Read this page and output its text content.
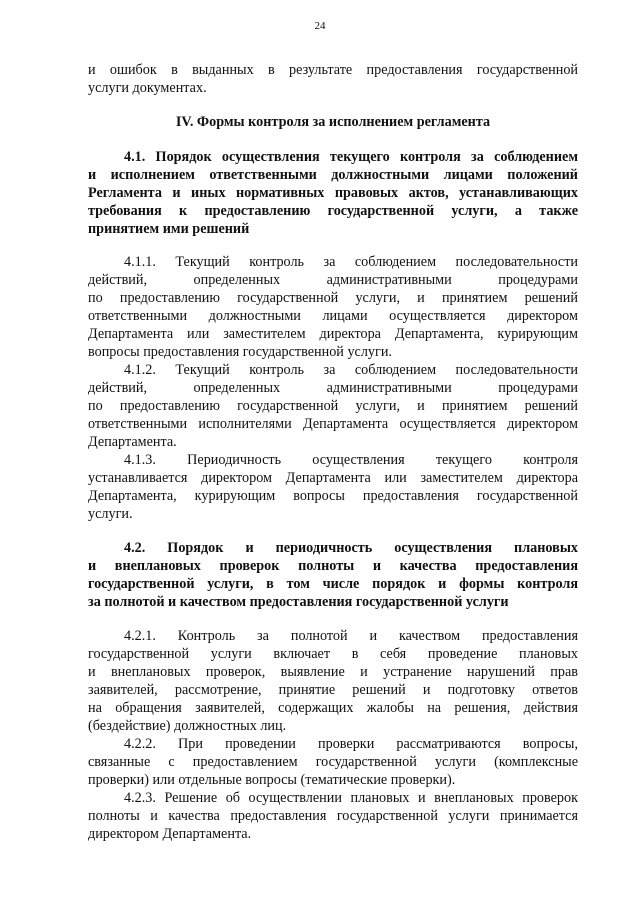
24
и ошибок в выданных в результате предоставления государственной
услуги документах.
IV. Формы контроля за исполнением регламента
4.1. Порядок осуществления текущего контроля за соблюдением
и исполнением ответственными должностными лицами положений
Регламента и иных нормативных правовых актов, устанавливающих
требования к предоставлению государственной услуги, а также
принятием ими решений
4.1.1. Текущий контроль за соблюдением последовательности
действий, определенных административными процедурами
по предоставлению государственной услуги, и принятием решений
ответственными должностными лицами осуществляется директором
Департамента или заместителем директора Департамента, курирующим
вопросы предоставления государственной услуги.
4.1.2. Текущий контроль за соблюдением последовательности
действий, определенных административными процедурами
по предоставлению государственной услуги, и принятием решений
ответственными исполнителями Департамента осуществляется директором
Департамента.
4.1.3. Периодичность осуществления текущего контроля
устанавливается директором Департамента или заместителем директора
Департамента, курирующим вопросы предоставления государственной
услуги.
4.2. Порядок и периодичность осуществления плановых
и внеплановых проверок полноты и качества предоставления
государственной услуги, в том числе порядок и формы контроля
за полнотой и качеством предоставления государственной услуги
4.2.1. Контроль за полнотой и качеством предоставления
государственной услуги включает в себя проведение плановых
и внеплановых проверок, выявление и устранение нарушений прав
заявителей, рассмотрение, принятие решений и подготовку ответов
на обращения заявителей, содержащих жалобы на решения, действия
(бездействие) должностных лиц.
4.2.2. При проведении проверки рассматриваются вопросы,
связанные с предоставлением государственной услуги (комплексные
проверки) или отдельные вопросы (тематические проверки).
4.2.3. Решение об осуществлении плановых и внеплановых проверок
полноты и качества предоставления государственной услуги принимается
директором Департамента.
